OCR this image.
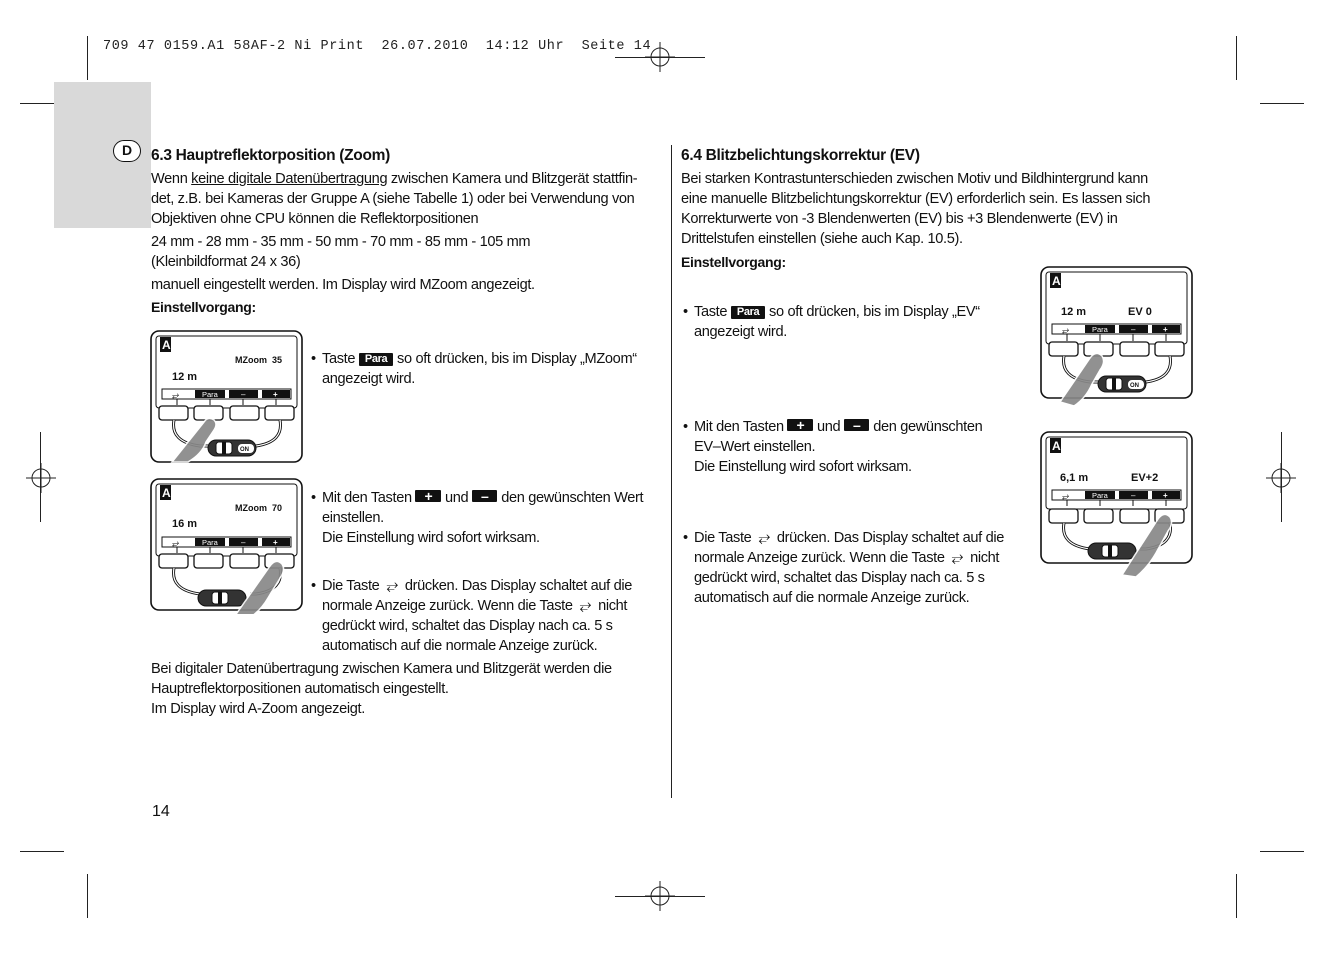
709 47 0159.A1 58AF-2 Ni Print  26.07.2010  14:12 Uhr  Seite 14
D	6.3 Hauptreflektorposition (Zoom)

Wenn keine digitale Datenübertragung zwischen Kamera und Blitzgerät stattfin-
det, z.B. bei Kameras der Gruppe A (siehe Tabelle 1) oder bei Verwendung von
Objektiven ohne CPU können die Reflektorpositionen

24 mm - 28 mm - 35 mm - 50 mm - 70 mm - 85 mm - 105 mm
(Kleinbildformat 24 x 36)

manuell eingestellt werden. Im Display wird MZoom angezeigt.

Einstellvorgang:

• Taste Para so oft drücken, bis im Display „MZoom“
angezeigt wird.
• Mit den Tasten + und – den gewünschten Wert
einstellen.
Die Einstellung wird sofort wirksam.
• Die Taste ⥂ drücken. Das Display schaltet auf die
normale Anzeige zurück. Wenn die Taste ⥂ nicht
gedrückt wird, schaltet das Display nach ca. 5 s
automatisch auf die normale Anzeige zurück.

Bei digitaler Datenübertragung zwischen Kamera und Blitzgerät werden die
Hauptreflektorpositionen automatisch eingestellt.
Im Display wird A-Zoom angezeigt.

6.4 Blitzbelichtungskorrektur (EV)

Bei starken Kontrastunterschieden zwischen Motiv und Bildhintergrund kann
eine manuelle Blitzbelichtungskorrektur (EV) erforderlich sein. Es lassen sich
Korrekturwerte von -3 Blendenwerten (EV) bis +3 Blendenwerte (EV) in
Drittelstufen einstellen (siehe auch Kap. 10.5).

Einstellvorgang:

• Taste Para so oft drücken, bis im Display „EV“
angezeigt wird.
• Mit den Tasten + und – den gewünschten
EV–Wert einstellen.
Die Einstellung wird sofort wirksam.
• Die Taste ⥂ drücken. Das Display schaltet auf die
normale Anzeige zurück. Wenn die Taste ⥂ nicht
gedrückt wird, schaltet das Display nach ca. 5 s
automatisch auf die normale Anzeige zurück.
14
A
MZoom  35
12 m
⥂	Para	–	+
ON
A
MZoom  70
16 m
⥂	Para	–	+
A
12 m	EV 0
⥂	Para	–	+
ON
A
6,1 m	EV+2
⥂	Para	–	+
